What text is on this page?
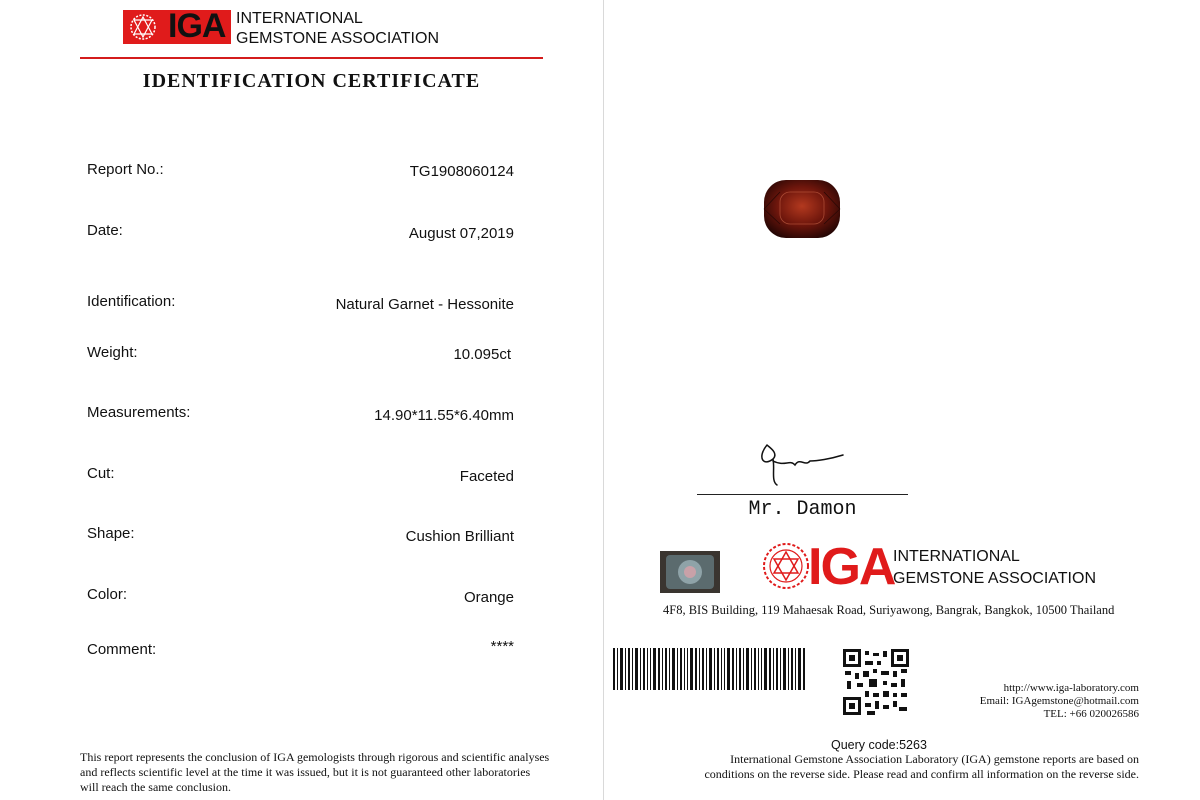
IGA INTERNATIONAL
GEMSTONE ASSOCIATION
IDENTIFICATION CERTIFICATE
Report No.:	TG1908060124
Date:	August 07,2019
Identification:	Natural Garnet - Hessonite
Weight:	10.095ct
Measurements:	14.90*11.55*6.40mm
Cut:	Faceted
Shape:	Cushion Brilliant
Color:	Orange
Comment:	****
This report represents the conclusion of IGA gemologists through rigorous and scientific analyses and reflects scientific level at the time it was issued, but it is not guaranteed other laboratories will reach the same conclusion.
Mr. Damon
IGA
INTERNATIONAL
GEMSTONE ASSOCIATION
4F8, BIS Building, 119 Mahaesak Road, Suriyawong, Bangrak, Bangkok, 10500 Thailand
http://www.iga-laboratory.com
Email: IGAgemstone@hotmail.com
TEL: +66 020026586
Query code:5263
International Gemstone Association Laboratory (IGA) gemstone reports are based on conditions on the reverse side. Please read and confirm all information on the reverse side.
